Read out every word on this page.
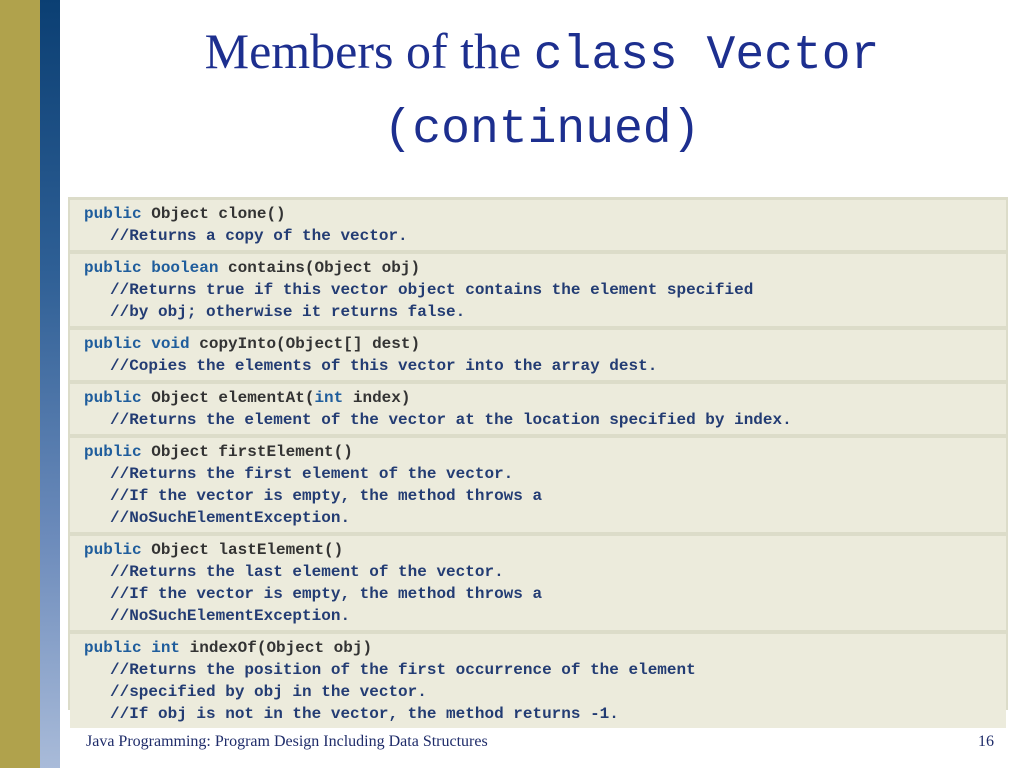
Members of the class Vector
(continued)
public Object clone()

//Returns a copy of the vector.
public boolean contains(Object obj)

//Returns true if this vector object contains the element specified
//by obj; otherwise it returns false.
public void copyInto(Object[] dest)

//Copies the elements of this vector into the array dest.
public Object elementAt(int index)

//Returns the element of the vector at the location specified by index.
public Object firstElement()

//Returns the first element of the vector.
//If the vector is empty, the method throws a
//NoSuchElementException.
public Object lastElement()

//Returns the last element of the vector.
//If the vector is empty, the method throws a
//NoSuchElementException.
public int indexOf(Object obj)

//Returns the position of the first occurrence of the element
//specified by obj in the vector.
//If obj is not in the vector, the method returns -1.
Java Programming: Program Design Including Data Structures	16
